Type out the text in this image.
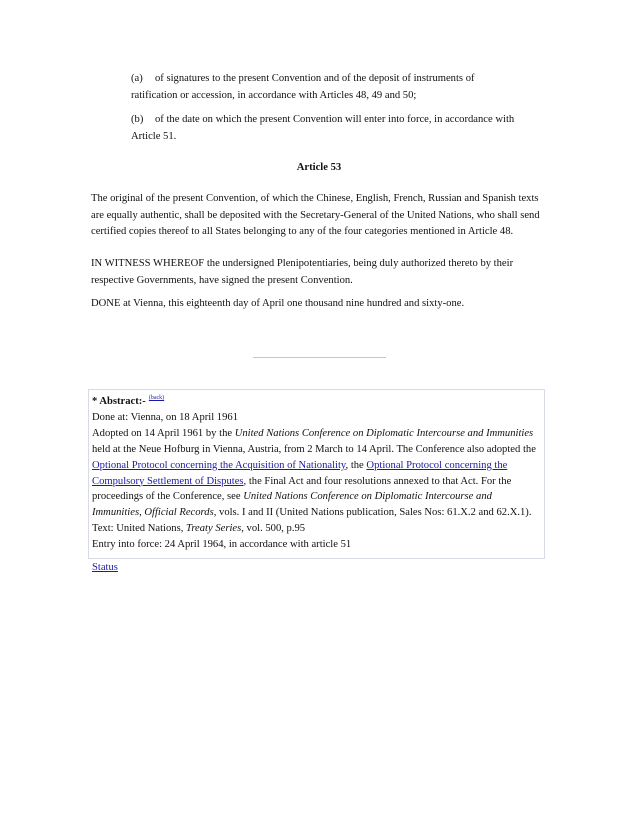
(a) of signatures to the present Convention and of the deposit of instruments of ratification or accession, in accordance with Articles 48, 49 and 50;
(b) of the date on which the present Convention will enter into force, in accordance with Article 51.
Article 53
The original of the present Convention, of which the Chinese, English, French, Russian and Spanish texts are equally authentic, shall be deposited with the Secretary-General of the United Nations, who shall send certified copies thereof to all States belonging to any of the four categories mentioned in Article 48.
IN WITNESS WHEREOF the undersigned Plenipotentiaries, being duly authorized thereto by their respective Governments, have signed the present Convention.
DONE at Vienna, this eighteenth day of April one thousand nine hundred and sixty-one.
* Abstract:- $^{(back)}$
Done at: Vienna, on 18 April 1961
Adopted on 14 April 1961 by the United Nations Conference on Diplomatic Intercourse and Immunities held at the Neue Hofburg in Vienna, Austria, from 2 March to 14 April. The Conference also adopted the Optional Protocol concerning the Acquisition of Nationality, the Optional Protocol concerning the Compulsory Settlement of Disputes, the Final Act and four resolutions annexed to that Act. For the proceedings of the Conference, see United Nations Conference on Diplomatic Intercourse and Immunities, Official Records, vols. I and II (United Nations publication, Sales Nos: 61.X.2 and 62.X.1).
Text: United Nations, Treaty Series, vol. 500, p.95
Entry into force: 24 April 1964, in accordance with article 51
Status
